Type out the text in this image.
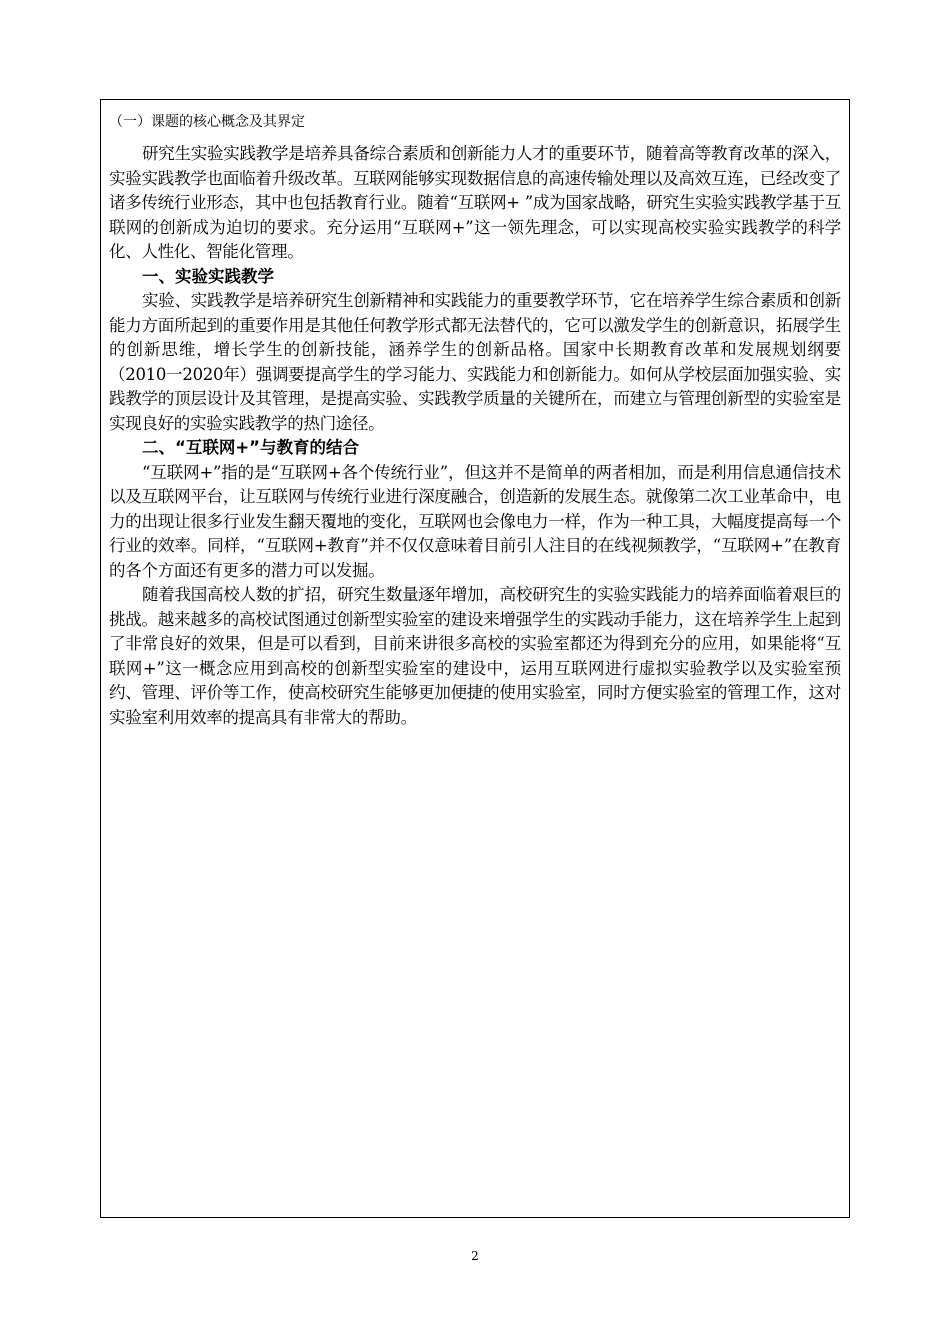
（一）课题的核心概念及其界定

研究生实验实践教学是培养具备综合素质和创新能力人才的重要环节，随着高等教育改革的深入，实验实践教学也面临着升级改革。互联网能够实现数据信息的高速传输处理以及高效互连，已经改变了诸多传统行业形态，其中也包括教育行业。随着“互联网+ ”成为国家战略，研究生实验实践教学基于互联网的创新成为迫切的要求。充分运用“互联网+”这一领先理念，可以实现高校实验实践教学的科学化、人性化、智能化管理。

一、实验实践教学

实验、实践教学是培养研究生创新精神和实践能力的重要教学环节，它在培养学生综合素质和创新能力方面所起到的重要作用是其他任何教学形式都无法替代的，它可以激发学生的创新意识，拓展学生的创新思维，增长学生的创新技能，涵养学生的创新品格。国家中长期教育改革和发展规划纲要（2010一2020年）强调要提高学生的学习能力、实践能力和创新能力。如何从学校层面加强实验、实践教学的顶层设计及其管理，是提高实验、实践教学质量的关键所在，而建立与管理创新型的实验室是实现良好的实验实践教学的热门途径。

二、“互联网+”与教育的结合

“互联网+”指的是“互联网+各个传统行业”，但这并不是简单的两者相加，而是利用信息通信技术以及互联网平台，让互联网与传统行业进行深度融合，创造新的发展生态。就像第二次工业革命中，电力的出现让很多行业发生翻天覆地的变化，互联网也会像电力一样，作为一种工具，大幅度提高每一个行业的效率。同样，“互联网+教育”并不仅仅意味着目前引人注目的在线视频教学，“互联网+”在教育的各个方面还有更多的潜力可以发掘。

随着我国高校人数的扩招，研究生数量逐年增加，高校研究生的实验实践能力的培养面临着艰巨的挑战。越来越多的高校试图通过创新型实验室的建设来增强学生的实践动手能力，这在培养学生上起到了非常良好的效果，但是可以看到，目前来讲很多高校的实验室都还为得到充分的应用，如果能将“互联网+”这一概念应用到高校的创新型实验室的建设中，运用互联网进行虚拟实验教学以及实验室预约、管理、评价等工作，使高校研究生能够更加便捷的使用实验室，同时方便实验室的管理工作，这对实验室利用效率的提高具有非常大的帮助。

2
